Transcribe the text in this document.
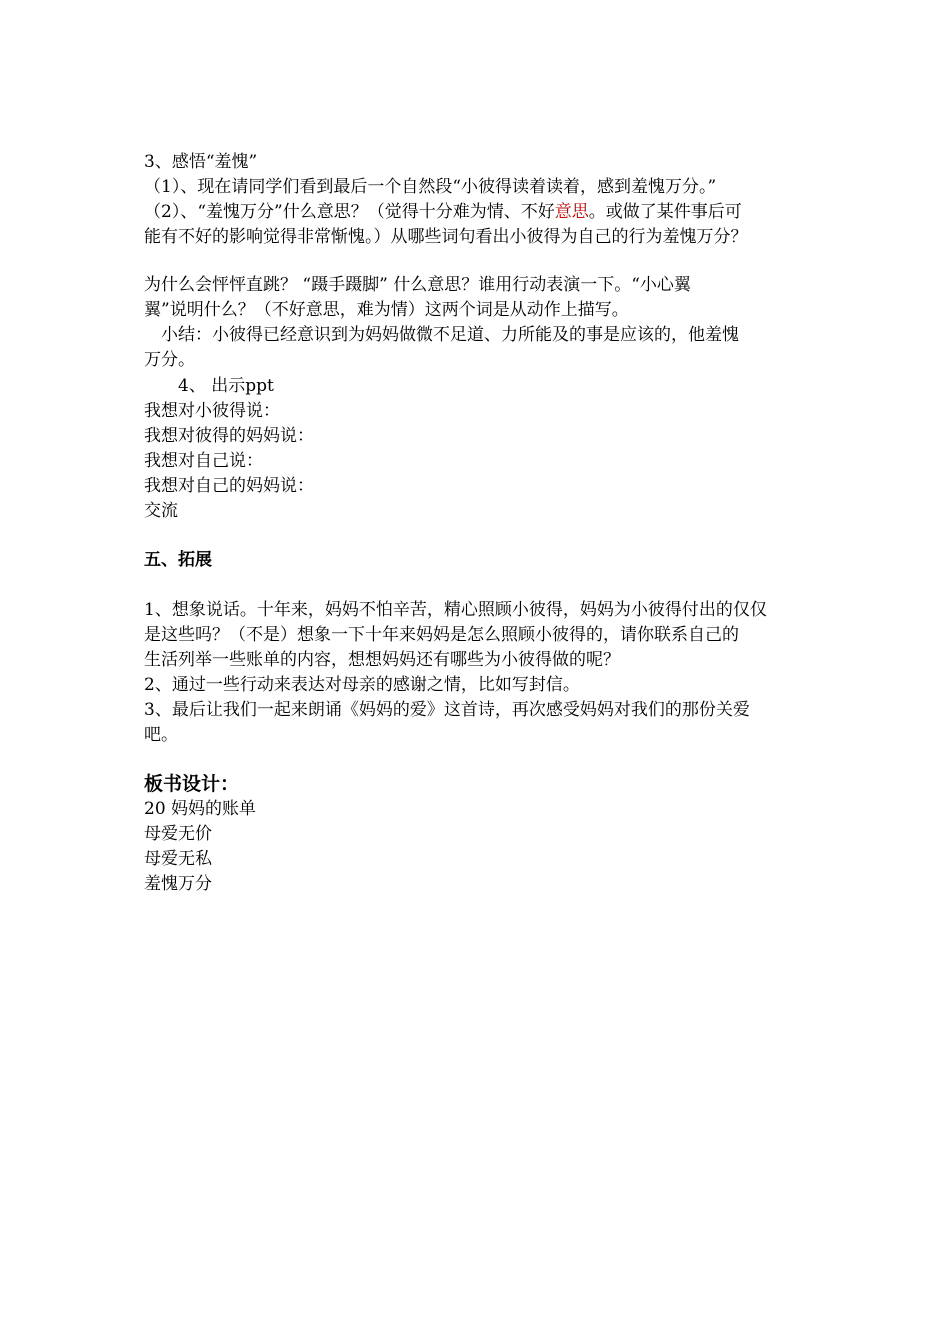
3、感悟“羞愧”
（1）、现在请同学们看到最后一个自然段“小彼得读着读着，感到羞愧万分。”
（2）、“羞愧万分”什么意思？（觉得十分难为情、不好意思。或做了某件事后可
能有不好的影响觉得非常惭愧。）从哪些词句看出小彼得为自己的行为羞愧万分？
为什么会怦怦直跳？ “蹑手蹑脚” 什么意思？谁用行动表演一下。“小心翼
翼”说明什么？（不好意思，难为情）这两个词是从动作上描写。
小结：小彼得已经意识到为妈妈做微不足道、力所能及的事是应该的，他羞愧
万分。
4、 出示ppt
我想对小彼得说：
我想对彼得的妈妈说：
我想对自己说：
我想对自己的妈妈说：
交流
五、拓展
1、想象说话。十年来，妈妈不怕辛苦，精心照顾小彼得，妈妈为小彼得付出的仅仅
是这些吗？（不是）想象一下十年来妈妈是怎么照顾小彼得的，请你联系自己的
生活列举一些账单的内容，想想妈妈还有哪些为小彼得做的呢？
2、通过一些行动来表达对母亲的感谢之情，比如写封信。
3、最后让我们一起来朗诵《妈妈的爱》这首诗，再次感受妈妈对我们的那份关爱
吧。
板书设计：
20 妈妈的账单
母爱无价
母爱无私
羞愧万分
